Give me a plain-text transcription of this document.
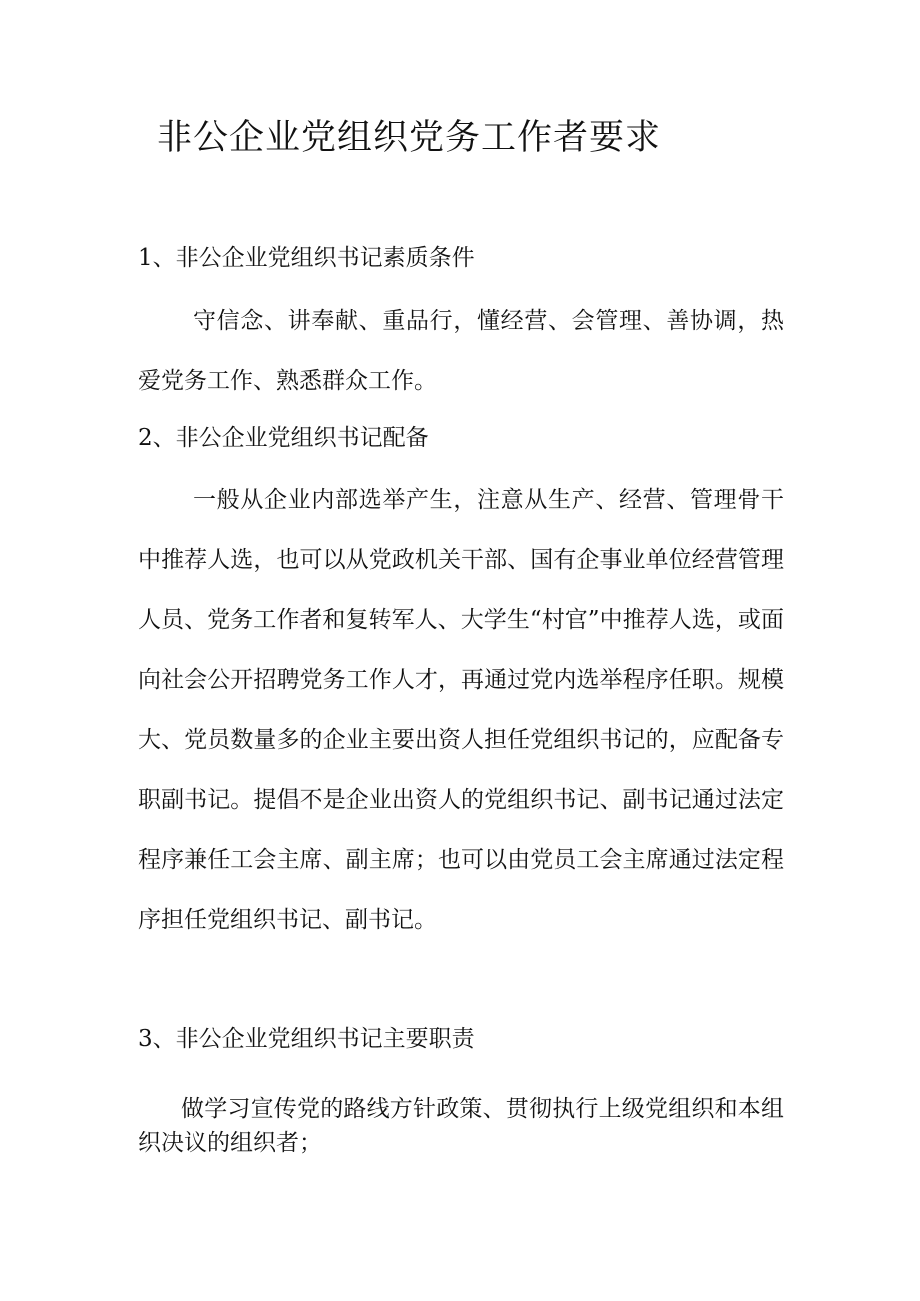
非公企业党组织党务工作者要求
1、非公企业党组织书记素质条件
守信念、讲奉献、重品行，懂经营、会管理、善协调，热爱党务工作、熟悉群众工作。
2、非公企业党组织书记配备
一般从企业内部选举产生，注意从生产、经营、管理骨干中推荐人选，也可以从党政机关干部、国有企事业单位经营管理人员、党务工作者和复转军人、大学生“村官”中推荐人选，或面向社会公开招聘党务工作人才，再通过党内选举程序任职。规模大、党员数量多的企业主要出资人担任党组织书记的，应配备专职副书记。提倡不是企业出资人的党组织书记、副书记通过法定程序兼任工会主席、副主席；也可以由党员工会主席通过法定程序担任党组织书记、副书记。
3、非公企业党组织书记主要职责
做学习宣传党的路线方针政策、贯彻执行上级党组织和本组织决议的组织者；
